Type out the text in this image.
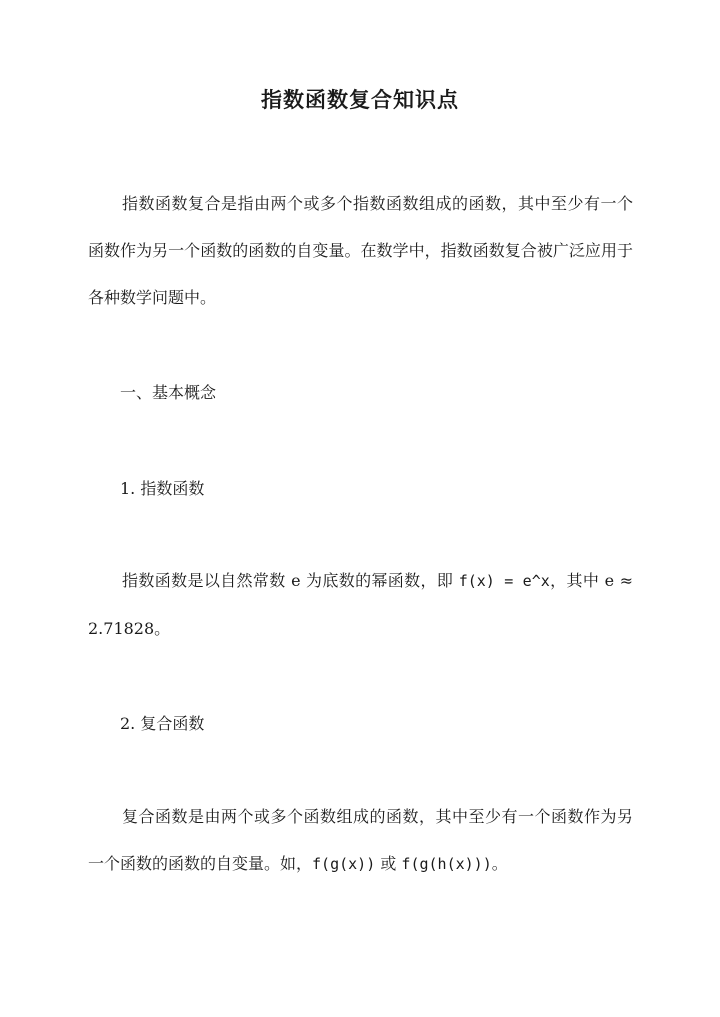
指数函数复合知识点

指数函数复合是指由两个或多个指数函数组成的函数，其中至少有一个函数作为另一个函数的函数的自变量。在数学中，指数函数复合被广泛应用于各种数学问题中。

一、基本概念

1. 指数函数

指数函数是以自然常数 e 为底数的幂函数，即 f(x) = e^x，其中 e ≈ 2.71828。

2. 复合函数

复合函数是由两个或多个函数组成的函数，其中至少有一个函数作为另一个函数的函数的自变量。如，f(g(x)) 或 f(g(h(x)))。
